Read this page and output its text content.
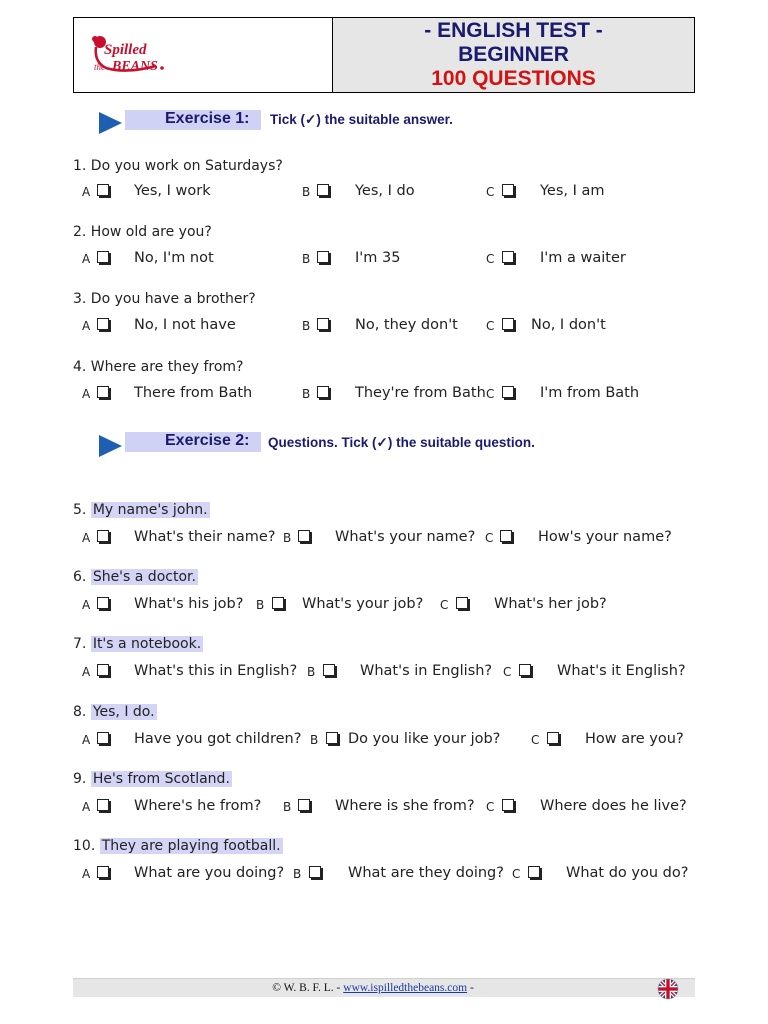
Spilled
the BEANS
- ENGLISH TEST -
BEGINNER
100 QUESTIONS
Exercise 1: Tick (✓) the suitable answer.
1. Do you work on Saturdays?
A	Yes, I work	B	Yes, I do	C	Yes, I am
2. How old are you?
A	No, I'm not	B	I'm 35	C	I'm a waiter
3. Do you have a brother?
A	No, I not have	B	No, they don't C	No, I don't
4. Where are they from?
A	There from Bath	B	They're from Bath C	I'm from Bath
Exercise 2: Questions. Tick (✓) the suitable question.
5. My name's john.
A	What's their name? B	What's your name? C	How's your name?
6. She's a doctor.
A	What's his job? B	What's your job? C	What's her job?
7. It's a notebook.
A	What's this in English? B	What's in English? C	What's it English?
8. Yes, I do.
A	Have you got children? B Do you like your job?	C	How are you?
9. He's from Scotland.
A	Where's he from? B	Where is she from? C	Where does he live?
10. They are playing football.
A	What are you doing? B	What are they doing? C	What do you do?
© W. B. F. L. - www.ispilledthebeans.com -
